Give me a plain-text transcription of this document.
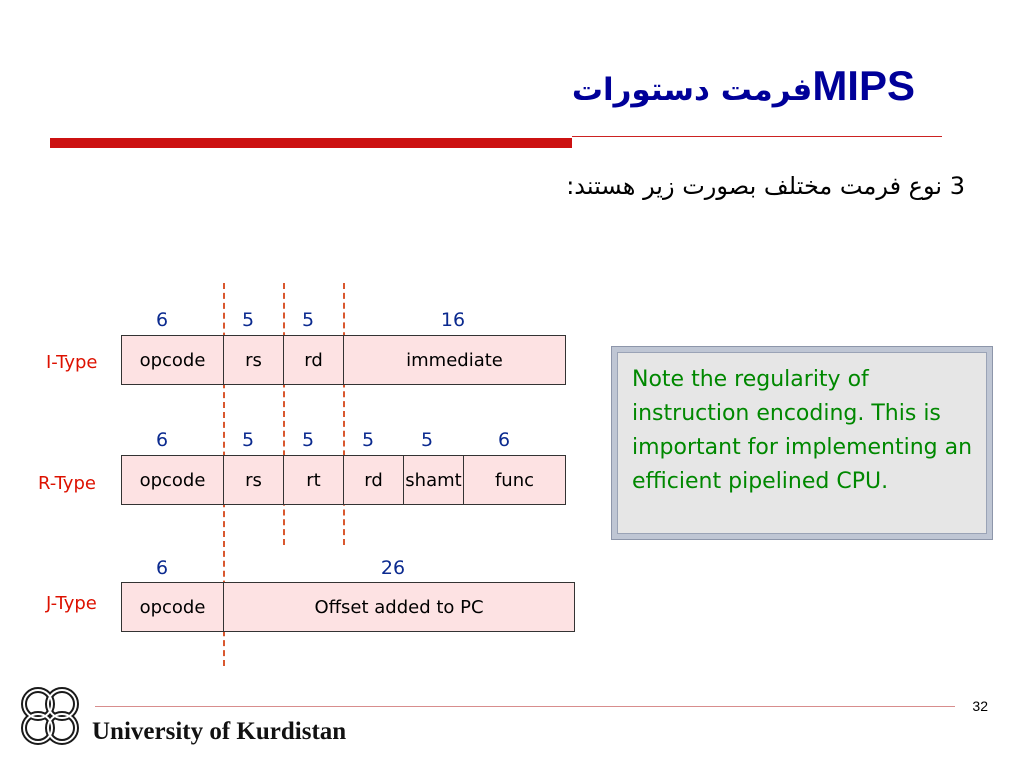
فرمت دستورات MIPS
3 نوع فرمت مختلف بصورت زیر هستند:
6	5	5	16
I-Type	opcode	rs	rd	immediate
6	5	5	5	5	6
R-Type	opcode	rs	rt	rd	shamt	func
6	26
J-Type	opcode	Offset added to PC
Note the regularity of instruction encoding. This is important for implementing an efficient pipelined CPU.
32
University of Kurdistan
